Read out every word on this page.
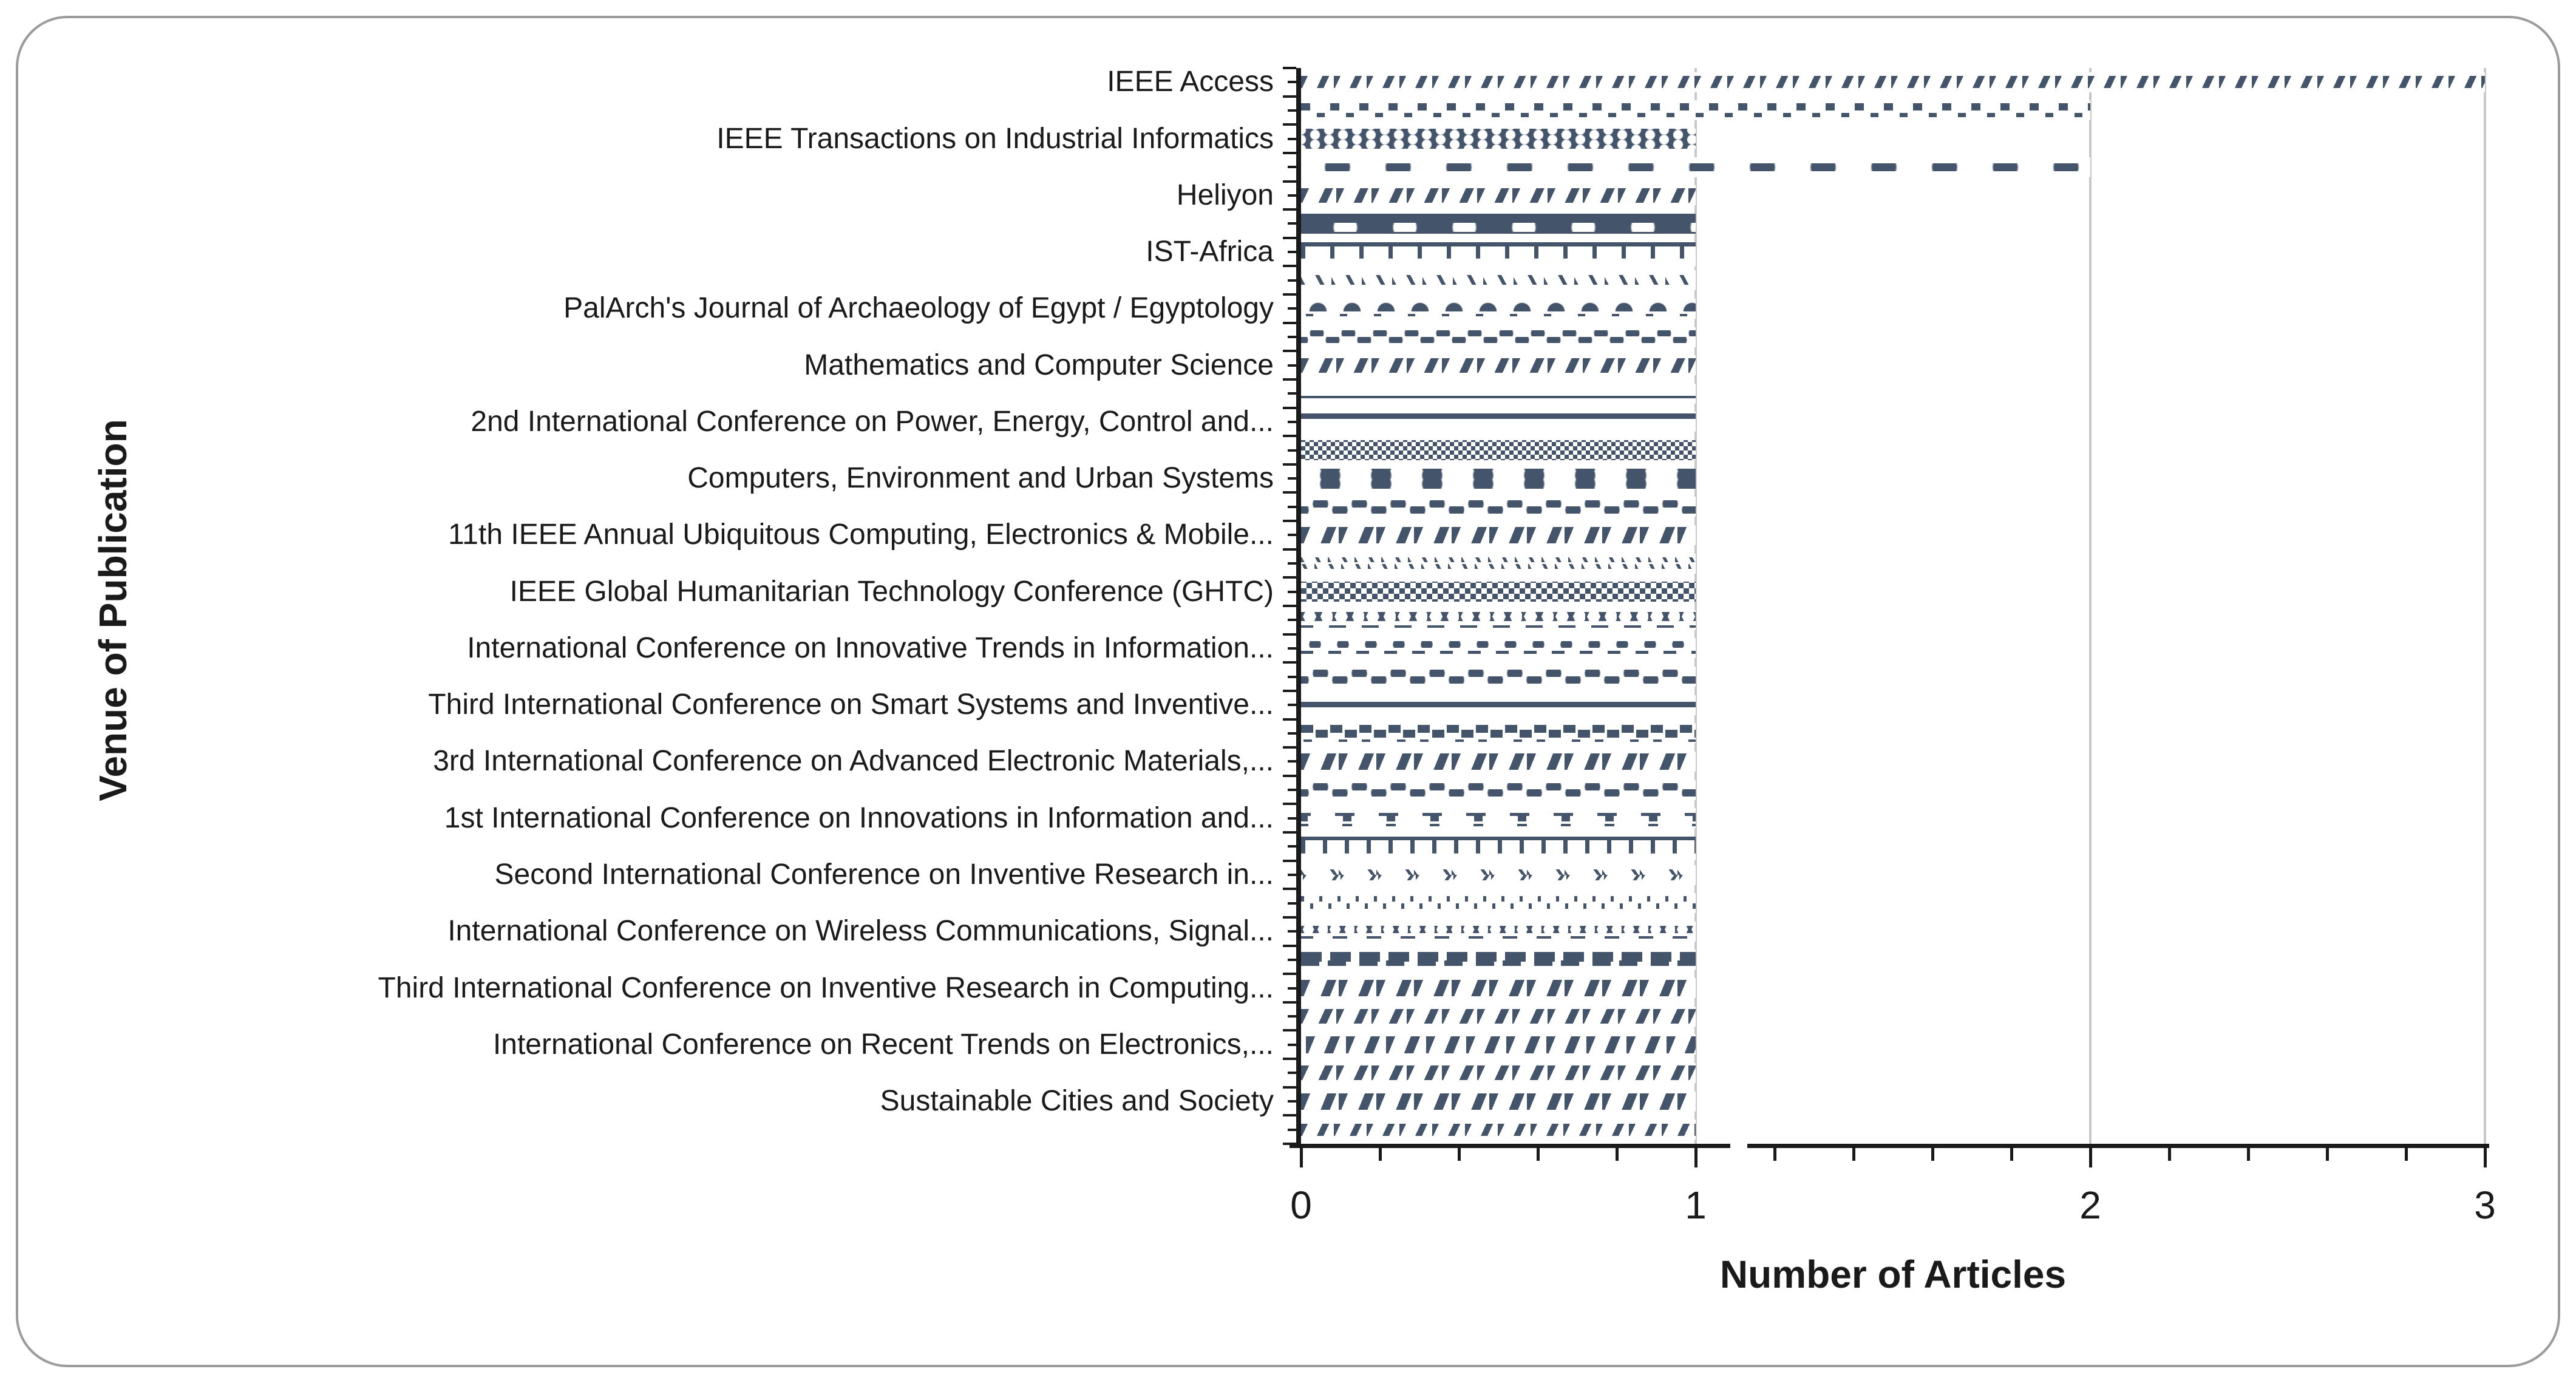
Venue of Publication
Number of Articles
IEEE Access
IEEE Transactions on Industrial Informatics
Heliyon
IST-Africa
PalArch's Journal of Archaeology of Egypt / Egyptology
Mathematics and Computer Science
2nd International Conference on Power, Energy, Control and...
Computers, Environment and Urban Systems
11th IEEE Annual Ubiquitous Computing, Electronics & Mobile...
IEEE Global Humanitarian Technology Conference (GHTC)
International Conference on Innovative Trends in Information...
Third International Conference on Smart Systems and Inventive...
3rd International Conference on Advanced Electronic Materials,...
1st International Conference on Innovations in Information and...
Second International Conference on Inventive Research in...
International Conference on Wireless Communications, Signal...
Third International Conference on Inventive Research in Computing...
International Conference on Recent Trends on Electronics,...
Sustainable Cities and Society
0	1	2	3
